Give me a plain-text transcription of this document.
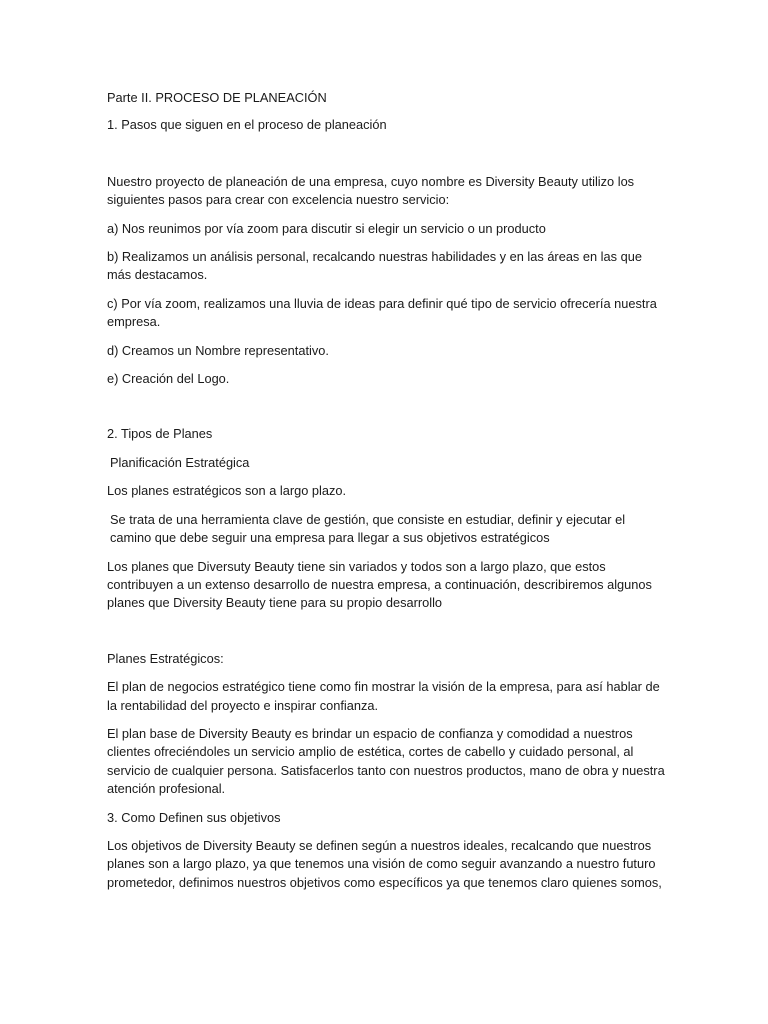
Parte II. PROCESO DE PLANEACIÓN

1. Pasos que siguen en el proceso de planeación

Nuestro proyecto de planeación de una empresa, cuyo nombre es Diversity Beauty utilizo los siguientes pasos para crear con excelencia nuestro servicio:

a) Nos reunimos por vía zoom para discutir si elegir un servicio o un producto

b) Realizamos un análisis personal, recalcando nuestras habilidades y en las áreas en las que más destacamos.

c) Por vía zoom, realizamos una lluvia de ideas para definir qué tipo de servicio ofrecería nuestra empresa.

d) Creamos un Nombre representativo.

e) Creación del Logo.

2. Tipos de Planes

Planificación Estratégica

Los planes estratégicos son a largo plazo.

Se trata de una herramienta clave de gestión, que consiste en estudiar, definir y ejecutar el camino que debe seguir una empresa para llegar a sus objetivos estratégicos

Los planes que Diversuty Beauty tiene sin variados y todos son a largo plazo, que estos contribuyen a un extenso desarrollo de nuestra empresa, a continuación, describiremos algunos planes que Diversity Beauty tiene para su propio desarrollo

Planes Estratégicos:

El plan de negocios estratégico tiene como fin mostrar la visión de la empresa, para así hablar de la rentabilidad del proyecto e inspirar confianza.

El plan base de Diversity Beauty es brindar un espacio de confianza y comodidad a nuestros clientes ofreciéndoles un servicio amplio de estética, cortes de cabello y cuidado personal, al servicio de cualquier persona. Satisfacerlos tanto con nuestros productos, mano de obra y nuestra atención profesional.

3. Como Definen sus objetivos

Los objetivos de Diversity Beauty se definen según a nuestros ideales, recalcando que nuestros planes son a largo plazo, ya que tenemos una visión de como seguir avanzando a nuestro futuro prometedor, definimos nuestros objetivos como específicos ya que tenemos claro quienes somos,
